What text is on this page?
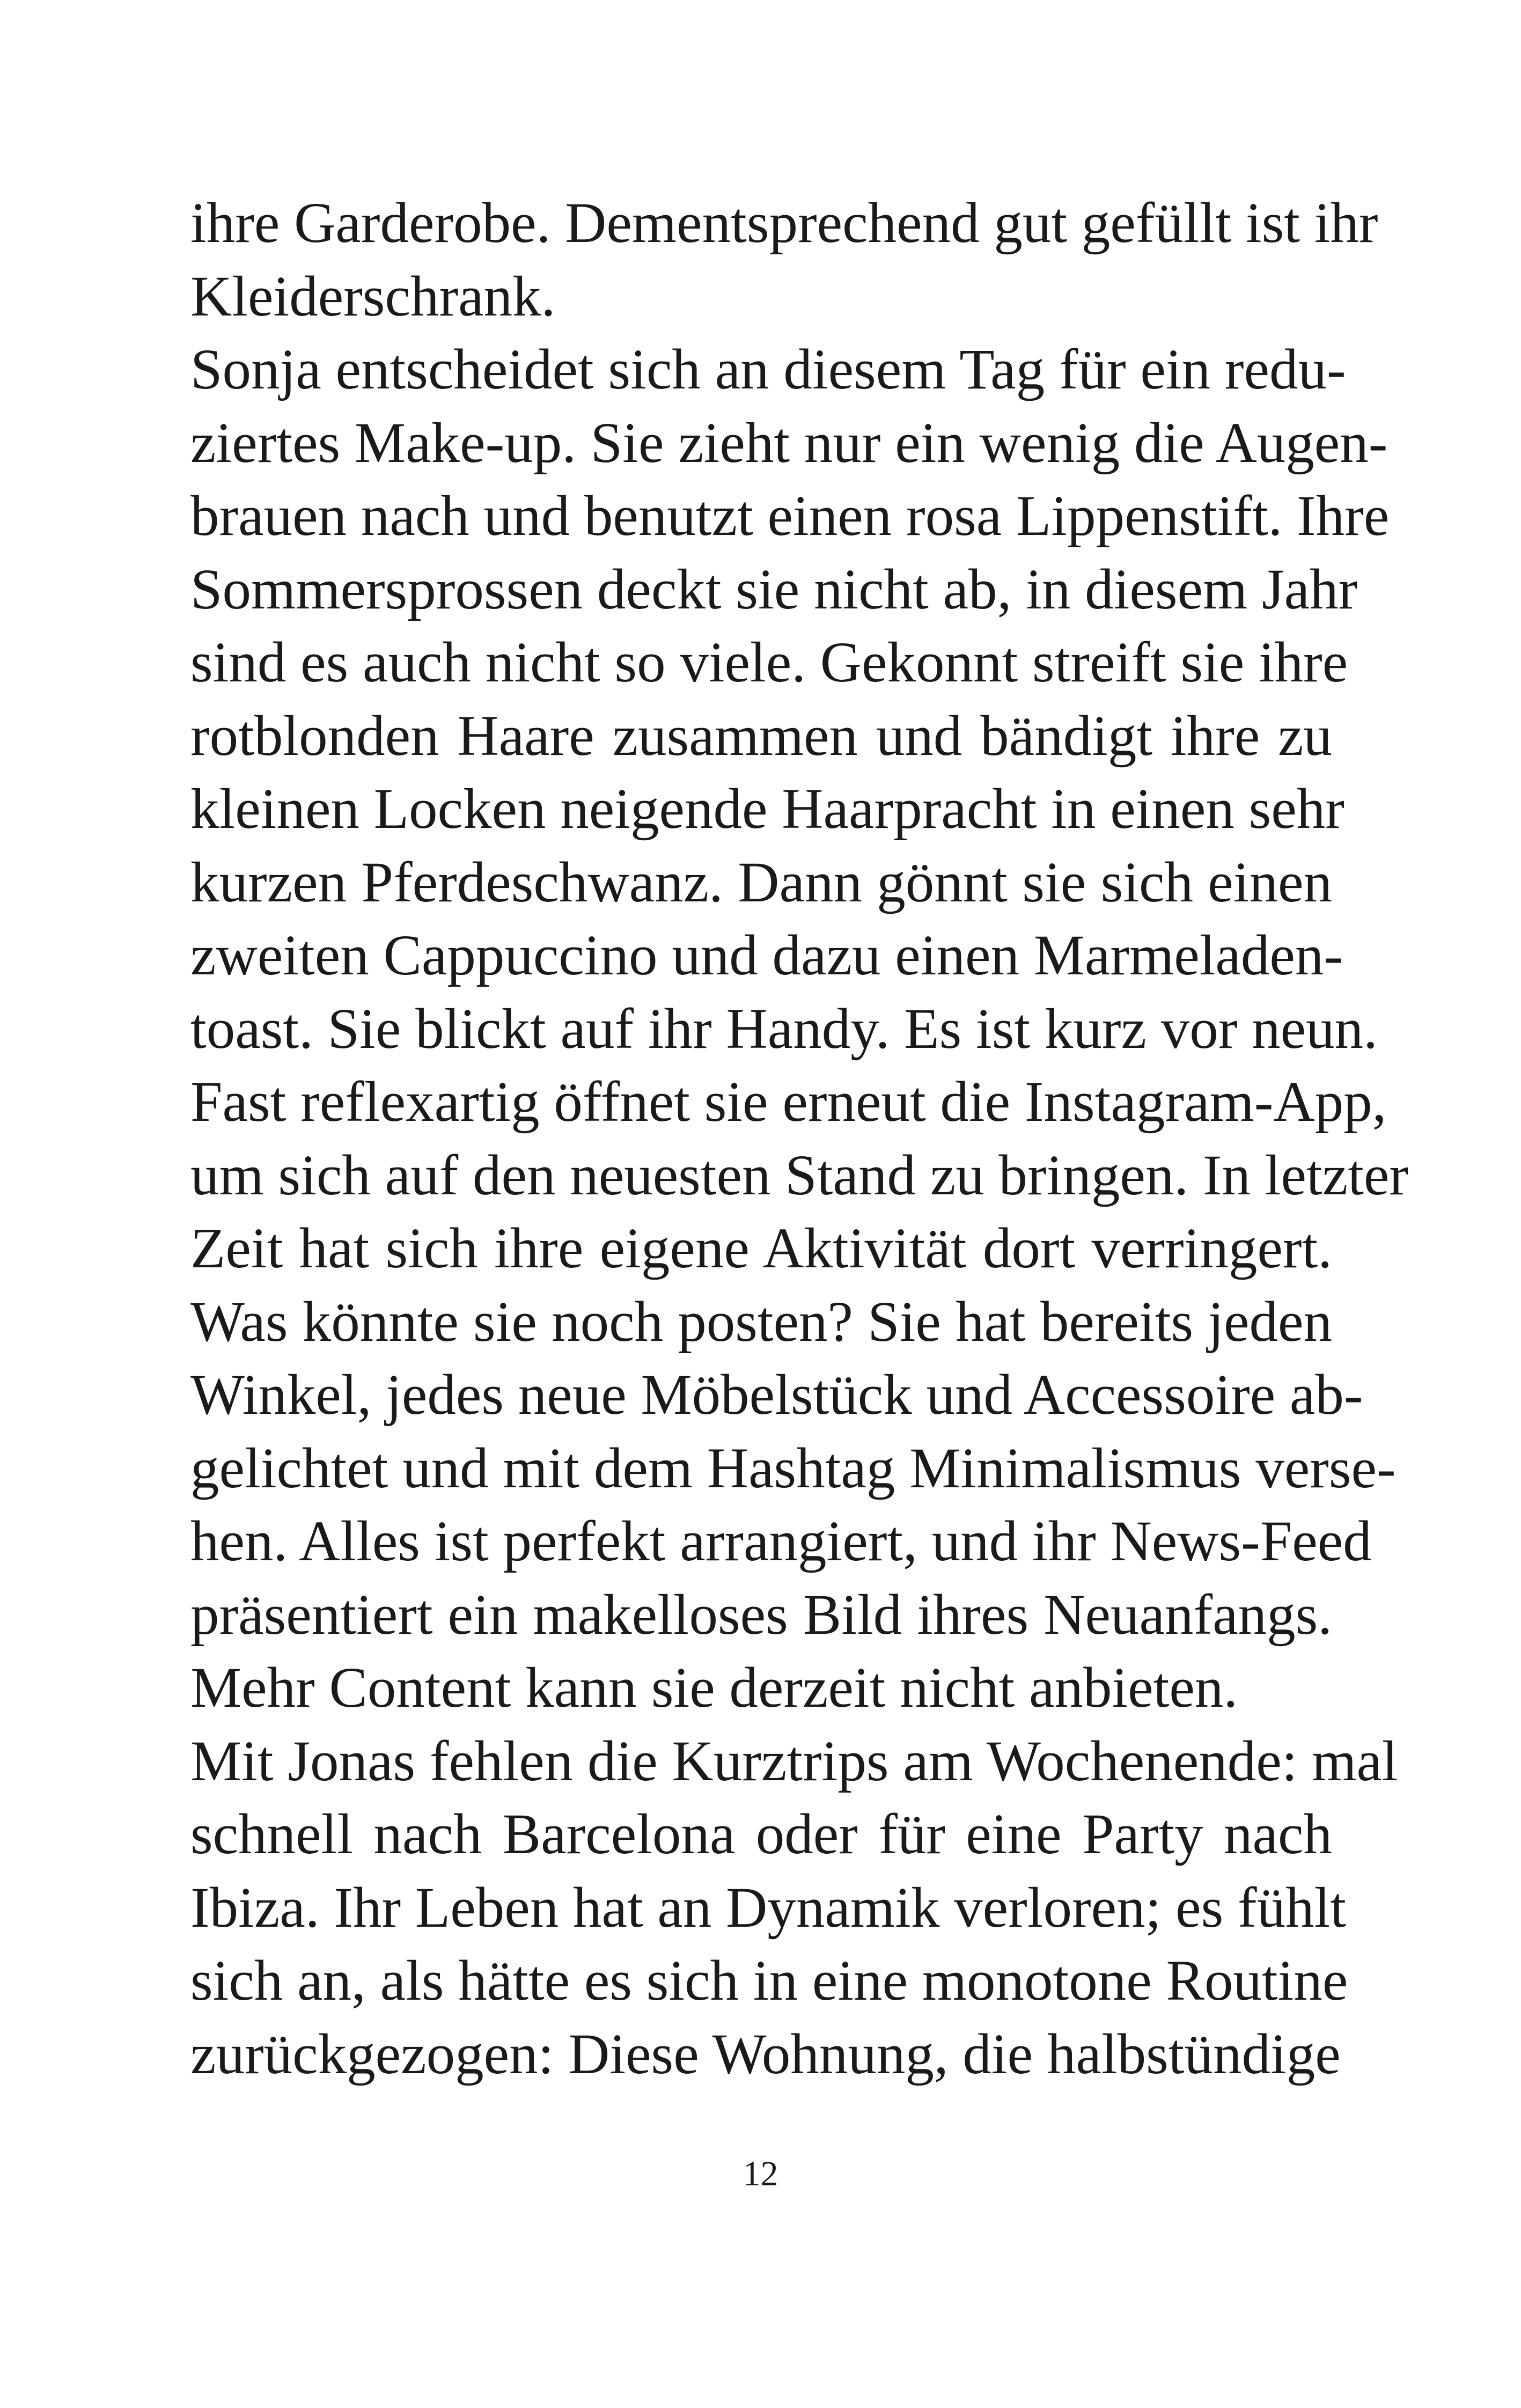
ihre Garderobe. Dementsprechend gut gefüllt ist ihr
Kleiderschrank.
Sonja entscheidet sich an diesem Tag für ein redu-
ziertes Make-up. Sie zieht nur ein wenig die Augen-
brauen nach und benutzt einen rosa Lippenstift. Ihre
Sommersprossen deckt sie nicht ab, in diesem Jahr
sind es auch nicht so viele. Gekonnt streift sie ihre
rotblonden Haare zusammen und bändigt ihre zu
kleinen Locken neigende Haarpracht in einen sehr
kurzen Pferdeschwanz. Dann gönnt sie sich einen
zweiten Cappuccino und dazu einen Marmeladen-
toast. Sie blickt auf ihr Handy. Es ist kurz vor neun.
Fast reflexartig öffnet sie erneut die Instagram-App,
um sich auf den neuesten Stand zu bringen. In letzter
Zeit hat sich ihre eigene Aktivität dort verringert.
Was könnte sie noch posten? Sie hat bereits jeden
Winkel, jedes neue Möbelstück und Accessoire ab-
gelichtet und mit dem Hashtag Minimalismus verse-
hen. Alles ist perfekt arrangiert, und ihr News-Feed
präsentiert ein makelloses Bild ihres Neuanfangs.
Mehr Content kann sie derzeit nicht anbieten.
Mit Jonas fehlen die Kurztrips am Wochenende: mal
schnell nach Barcelona oder für eine Party nach
Ibiza. Ihr Leben hat an Dynamik verloren; es fühlt
sich an, als hätte es sich in eine monotone Routine
zurückgezogen: Diese Wohnung, die halbstündige
12
